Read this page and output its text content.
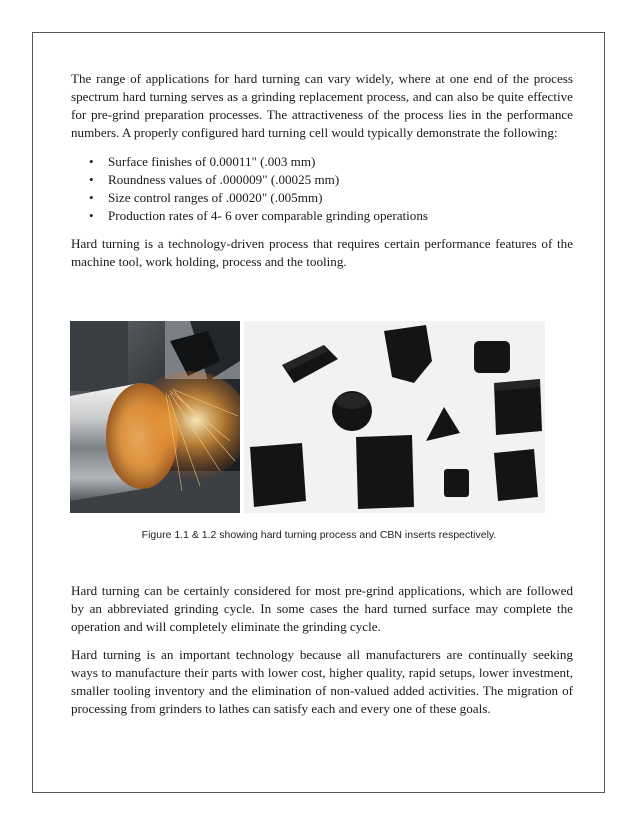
The range of applications for hard turning can vary widely, where at one end of the process spectrum hard turning serves as a grinding replacement process, and can also be quite effective for pre-grind preparation processes. The attractiveness of the process lies in the performance numbers. A properly configured hard turning cell would typically demonstrate the following:

• Surface finishes of 0.00011" (.003 mm)
• Roundness values of .000009" (.00025 mm)
• Size control ranges of .00020" (.005mm)
• Production rates of 4- 6 over comparable grinding operations

Hard turning is a technology-driven process that requires certain performance features of the machine tool, work holding, process and the tooling.

Figure 1.1 & 1.2 showing hard turning process and CBN inserts respectively.

Hard turning can be certainly considered for most pre-grind applications, which are followed by an abbreviated grinding cycle. In some cases the hard turned surface may complete the operation and will completely eliminate the grinding cycle.

Hard turning is an important technology because all manufacturers are continually seeking ways to manufacture their parts with lower cost, higher quality, rapid setups, lower investment, smaller tooling inventory and the elimination of non-valued added activities. The migration of processing from grinders to lathes can satisfy each and every one of these goals.
